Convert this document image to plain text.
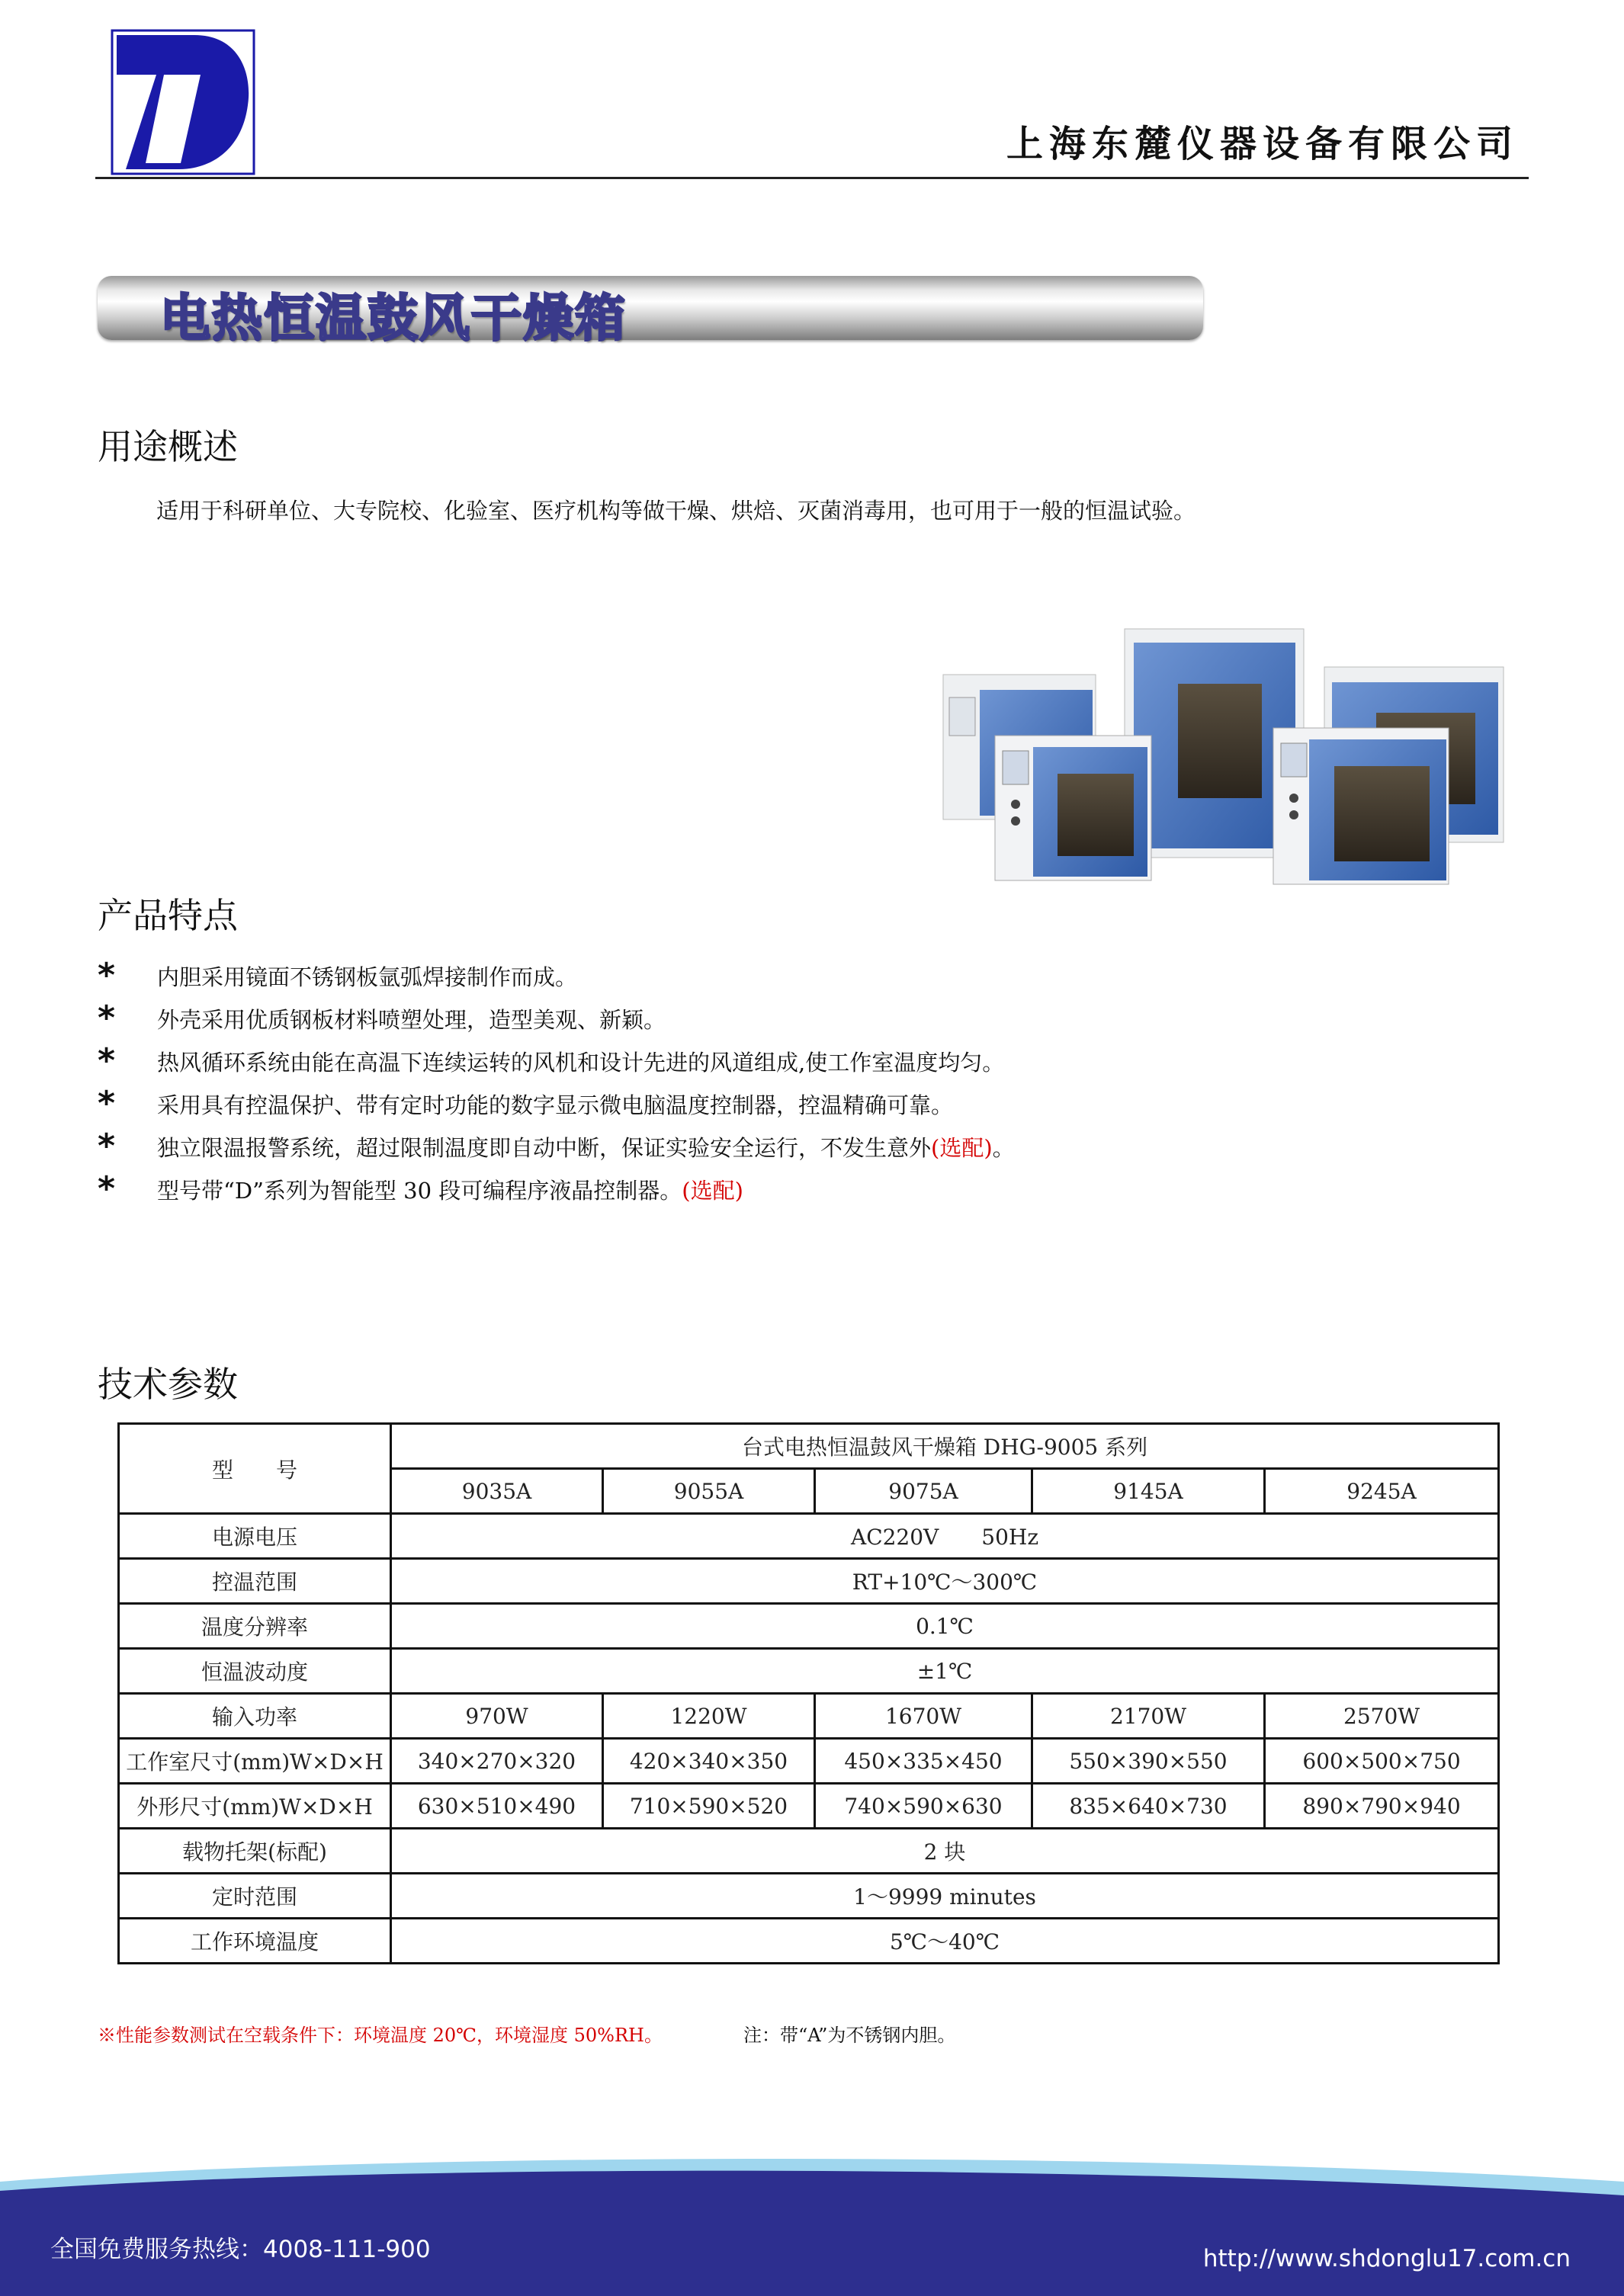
上海东麓仪器设备有限公司
电热恒温鼓风干燥箱
用途概述
适用于科研单位、大专院校、化验室、医疗机构等做干燥、烘焙、灭菌消毒用，也可用于一般的恒温试验。
产品特点
*	内胆采用镜面不锈钢板氩弧焊接制作而成。
*	外壳采用优质钢板材料喷塑处理，造型美观、新颖。
*	热风循环系统由能在高温下连续运转的风机和设计先进的风道组成,使工作室温度均匀。
*	采用具有控温保护、带有定时功能的数字显示微电脑温度控制器，控温精确可靠。
*	独立限温报警系统，超过限制温度即自动中断，保证实验安全运行，不发生意外 (选配) 。
*	型号带“D”系列为智能型 30 段可编程序液晶控制器。 (选配)
技术参数
型　　号	台式电热恒温鼓风干燥箱 DHG-9005 系列				
	9035A	9055A	9075A	9145A	9245A
电源电压	AC220V　　50Hz				
控温范围	RT+10℃～300℃				
温度分辨率	0.1℃				
恒温波动度	±1℃				
输入功率	970W	1220W	1670W	2170W	2570W
工作室尺寸(mm)W×D×H	340×270×320	420×340×350	450×335×450	550×390×550	600×500×750
外形尺寸(mm)W×D×H	630×510×490	710×590×520	740×590×630	835×640×730	890×790×940
载物托架(标配)	2 块				
定时范围	1～9999 minutes				
工作环境温度	5℃～40℃				
※性能参数测试在空载条件下：环境温度 20℃，环境湿度 50%RH。	注：带“A”为不锈钢内胆。
全国免费服务热线：4008-111-900	http://www.shdonglu17.com.cn
